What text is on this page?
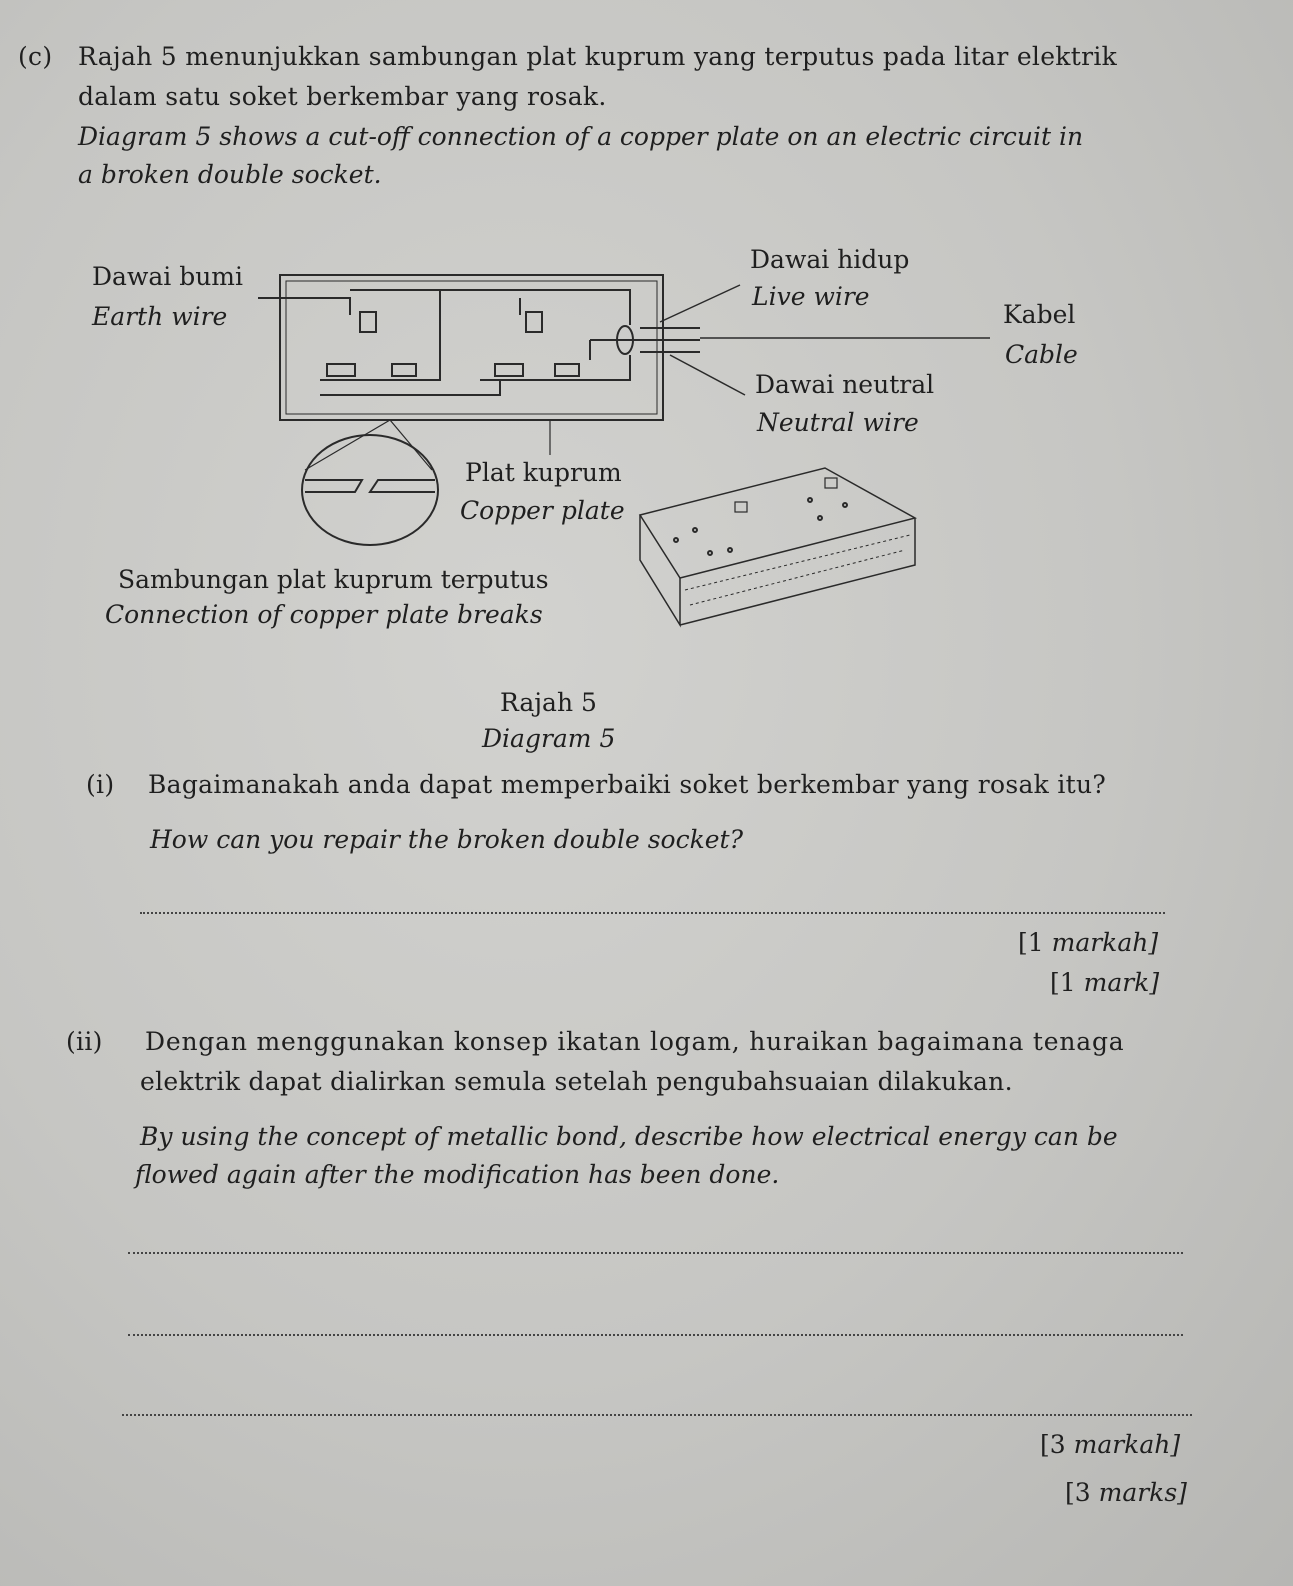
(c) Rajah 5 menunjukkan sambungan plat kuprum yang terputus pada litar elektrik
dalam satu soket berkembar yang rosak.
Diagram 5 shows a cut-off connection of a copper plate on an electric circuit in
a broken double socket.
Dawai bumi
Earth wire
Dawai hidup
Live wire
Kabel
Cable
Dawai neutral
Neutral wire
Plat kuprum
Copper plate
Sambungan plat kuprum terputus
Connection of copper plate breaks
Rajah 5
Diagram 5
(i) Bagaimanakah anda dapat memperbaiki soket berkembar yang rosak itu?
How can you repair the broken double socket?
[1 markah]
[1 mark]
(ii) Dengan menggunakan konsep ikatan logam, huraikan bagaimana tenaga
elektrik dapat dialirkan semula setelah pengubahsuaian dilakukan.
By using the concept of metallic bond, describe how electrical energy can be
flowed again after the modification has been done.
[3 markah]
[3 marks]
